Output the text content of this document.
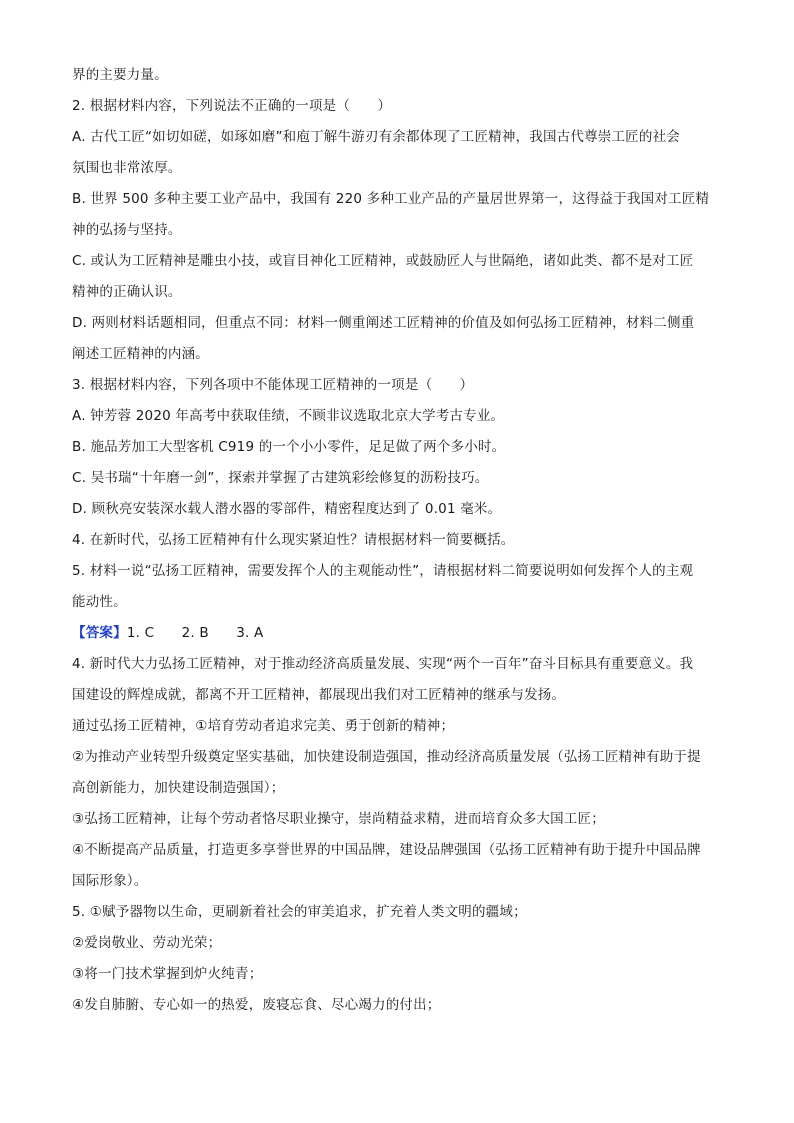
界的主要力量。
2. 根据材料内容，下列说法不正确的一项是（　　）
A. 古代工匠“如切如磋，如琢如磨”和庖丁解牛游刃有余都体现了工匠精神，我国古代尊崇工匠的社会
氛围也非常浓厚。
B. 世界 500 多种主要工业产品中，我国有 220 多种工业产品的产量居世界第一，这得益于我国对工匠精
神的弘扬与坚持。
C. 或认为工匠精神是雕虫小技，或盲目神化工匠精神，或鼓励匠人与世隔绝，诸如此类、都不是对工匠
精神的正确认识。
D. 两则材料话题相同，但重点不同：材料一侧重阐述工匠精神的价值及如何弘扬工匠精神，材料二侧重
阐述工匠精神的内涵。
3. 根据材料内容，下列各项中不能体现工匠精神的一项是（　　）
A. 钟芳蓉 2020 年高考中获取佳绩，不顾非议选取北京大学考古专业。
B. 施品芳加工大型客机 C919 的一个小小零件，足足做了两个多小时。
C. 吴书瑞“十年磨一剑”，探索并掌握了古建筑彩绘修复的沥粉技巧。
D. 顾秋亮安装深水载人潜水器的零部件，精密程度达到了 0.01 毫米。
4. 在新时代，弘扬工匠精神有什么现实紧迫性？请根据材料一简要概括。
5. 材料一说“弘扬工匠精神，需要发挥个人的主观能动性”，请根据材料二简要说明如何发挥个人的主观
能动性。
【答案】1. C　　2. B　　3. A
4. 新时代大力弘扬工匠精神，对于推动经济高质量发展、实现“两个一百年”奋斗目标具有重要意义。我
国建设的辉煌成就，都离不开工匠精神，都展现出我们对工匠精神的继承与发扬。
通过弘扬工匠精神，①培育劳动者追求完美、勇于创新的精神；
②为推动产业转型升级奠定坚实基础，加快建设制造强国，推动经济高质量发展（弘扬工匠精神有助于提
高创新能力，加快建设制造强国）；
③弘扬工匠精神，让每个劳动者恪尽职业操守，崇尚精益求精，进而培育众多大国工匠；
④不断提高产品质量，打造更多享誉世界的中国品牌，建设品牌强国（弘扬工匠精神有助于提升中国品牌
国际形象）。
5. ①赋予器物以生命，更刷新着社会的审美追求，扩充着人类文明的疆域；
②爱岗敬业、劳动光荣；
③将一门技术掌握到炉火纯青；
④发自肺腑、专心如一的热爱，废寝忘食、尽心竭力的付出；
